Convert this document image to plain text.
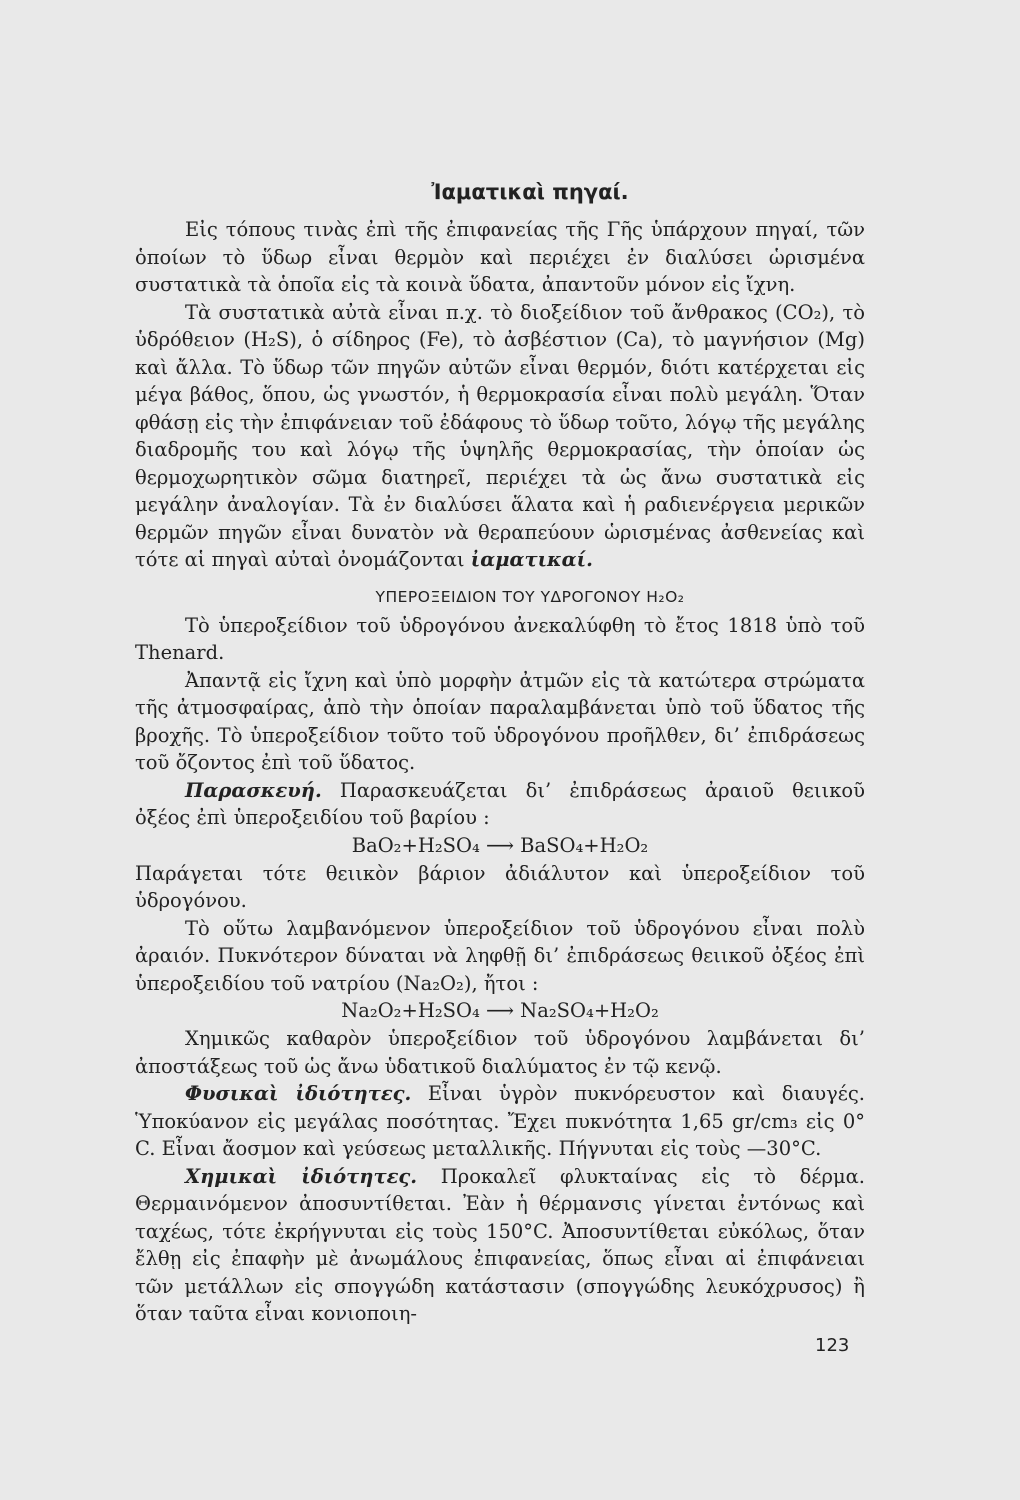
Ἰαματικαὶ πηγαί.

Εἰς τόπους τινὰς ἐπὶ τῆς ἐπιφανείας τῆς Γῆς ὑπάρχουν πηγαί, τῶν ὁποίων τὸ ὕδωρ εἶναι θερμὸν καὶ περιέχει ἐν διαλύσει ὡρισμένα συστατικὰ τὰ ὁποῖα εἰς τὰ κοινὰ ὕδατα, ἀπαντοῦν μόνον εἰς ἴχνη.

Τὰ συστατικὰ αὐτὰ εἶναι π.χ. τὸ διοξείδιον τοῦ ἄνθρακος (CO₂), τὸ ὑδρόθειον (H₂S), ὁ σίδηρος (Fe), τὸ ἀσβέστιον (Ca), τὸ μαγνήσιον (Mg) καὶ ἄλλα. Τὸ ὕδωρ τῶν πηγῶν αὐτῶν εἶναι θερμόν, διότι κατέρχεται εἰς μέγα βάθος, ὅπου, ὡς γνωστόν, ἡ θερμοκρασία εἶναι πολὺ μεγάλη. Ὅταν φθάσῃ εἰς τὴν ἐπιφάνειαν τοῦ ἐδάφους τὸ ὕδωρ τοῦτο, λόγῳ τῆς μεγάλης διαδρομῆς του καὶ λόγῳ τῆς ὑψηλῆς θερμοκρασίας, τὴν ὁποίαν ὡς θερμοχωρητικὸν σῶμα διατηρεῖ, περιέχει τὰ ὡς ἄνω συστατικὰ εἰς μεγάλην ἀναλογίαν. Τὰ ἐν διαλύσει ἅλατα καὶ ἡ ραδιενέργεια μερικῶν θερμῶν πηγῶν εἶναι δυνατὸν νὰ θεραπεύουν ὡρισμένας ἀσθενείας καὶ τότε αἱ πηγαὶ αὐταὶ ὀνομάζονται ἰαματικαί.

ΥΠΕΡΟΞΕΙΔΙΟΝ ΤΟΥ ΥΔΡΟΓΟΝΟΥ H₂O₂

Τὸ ὑπεροξείδιον τοῦ ὑδρογόνου ἀνεκαλύφθη τὸ ἔτος 1818 ὑπὸ τοῦ Thenard.

Ἀπαντᾷ εἰς ἴχνη καὶ ὑπὸ μορφὴν ἀτμῶν εἰς τὰ κατώτερα στρώματα τῆς ἀτμοσφαίρας, ἀπὸ τὴν ὁποίαν παραλαμβάνεται ὑπὸ τοῦ ὕδατος τῆς βροχῆς. Τὸ ὑπεροξείδιον τοῦτο τοῦ ὑδρογόνου προῆλθεν, δι’ ἐπιδράσεως τοῦ ὄζοντος ἐπὶ τοῦ ὕδατος.

Παρασκευή. Παρασκευάζεται δι’ ἐπιδράσεως ἀραιοῦ θειικοῦ ὀξέος ἐπὶ ὑπεροξειδίου τοῦ βαρίου :

BaO₂+H₂SO₄ ⟶ BaSO₄+H₂O₂

Παράγεται τότε θειικὸν βάριον ἀδιάλυτον καὶ ὑπεροξείδιον τοῦ ὑδρογόνου.

Τὸ οὕτω λαμβανόμενον ὑπεροξείδιον τοῦ ὑδρογόνου εἶναι πολὺ ἀραιόν. Πυκνότερον δύναται νὰ ληφθῇ δι’ ἐπιδράσεως θειικοῦ ὀξέος ἐπὶ ὑπεροξειδίου τοῦ νατρίου (Na₂O₂), ἤτοι :

Na₂O₂+H₂SO₄ ⟶ Na₂SO₄+H₂O₂

Χημικῶς καθαρὸν ὑπεροξείδιον τοῦ ὑδρογόνου λαμβάνεται δι’ ἀποστάξεως τοῦ ὡς ἄνω ὑδατικοῦ διαλύματος ἐν τῷ κενῷ.

Φυσικαὶ ἰδιότητες. Εἶναι ὑγρὸν πυκνόρευστον καὶ διαυγές. Ὑποκύανον εἰς μεγάλας ποσότητας. Ἔχει πυκνότητα 1,65 gr/cm₃ εἰς 0° C. Εἶναι ἄοσμον καὶ γεύσεως μεταλλικῆς. Πήγνυται εἰς τοὺς —30°C.

Χημικαὶ ἰδιότητες. Προκαλεῖ φλυκταίνας εἰς τὸ δέρμα. Θερμαινόμενον ἀποσυντίθεται. Ἐὰν ἡ θέρμανσις γίνεται ἐντόνως καὶ ταχέως, τότε ἐκρήγνυται εἰς τοὺς 150°C. Ἀποσυντίθεται εὐκόλως, ὅταν ἔλθῃ εἰς ἐπαφὴν μὲ ἀνωμάλους ἐπιφανείας, ὅπως εἶναι αἱ ἐπιφάνειαι τῶν μετάλλων εἰς σπογγώδη κατάστασιν (σπογγώδης λευκόχρυσος) ἢ ὅταν ταῦτα εἶναι κονιοποιη-

123
